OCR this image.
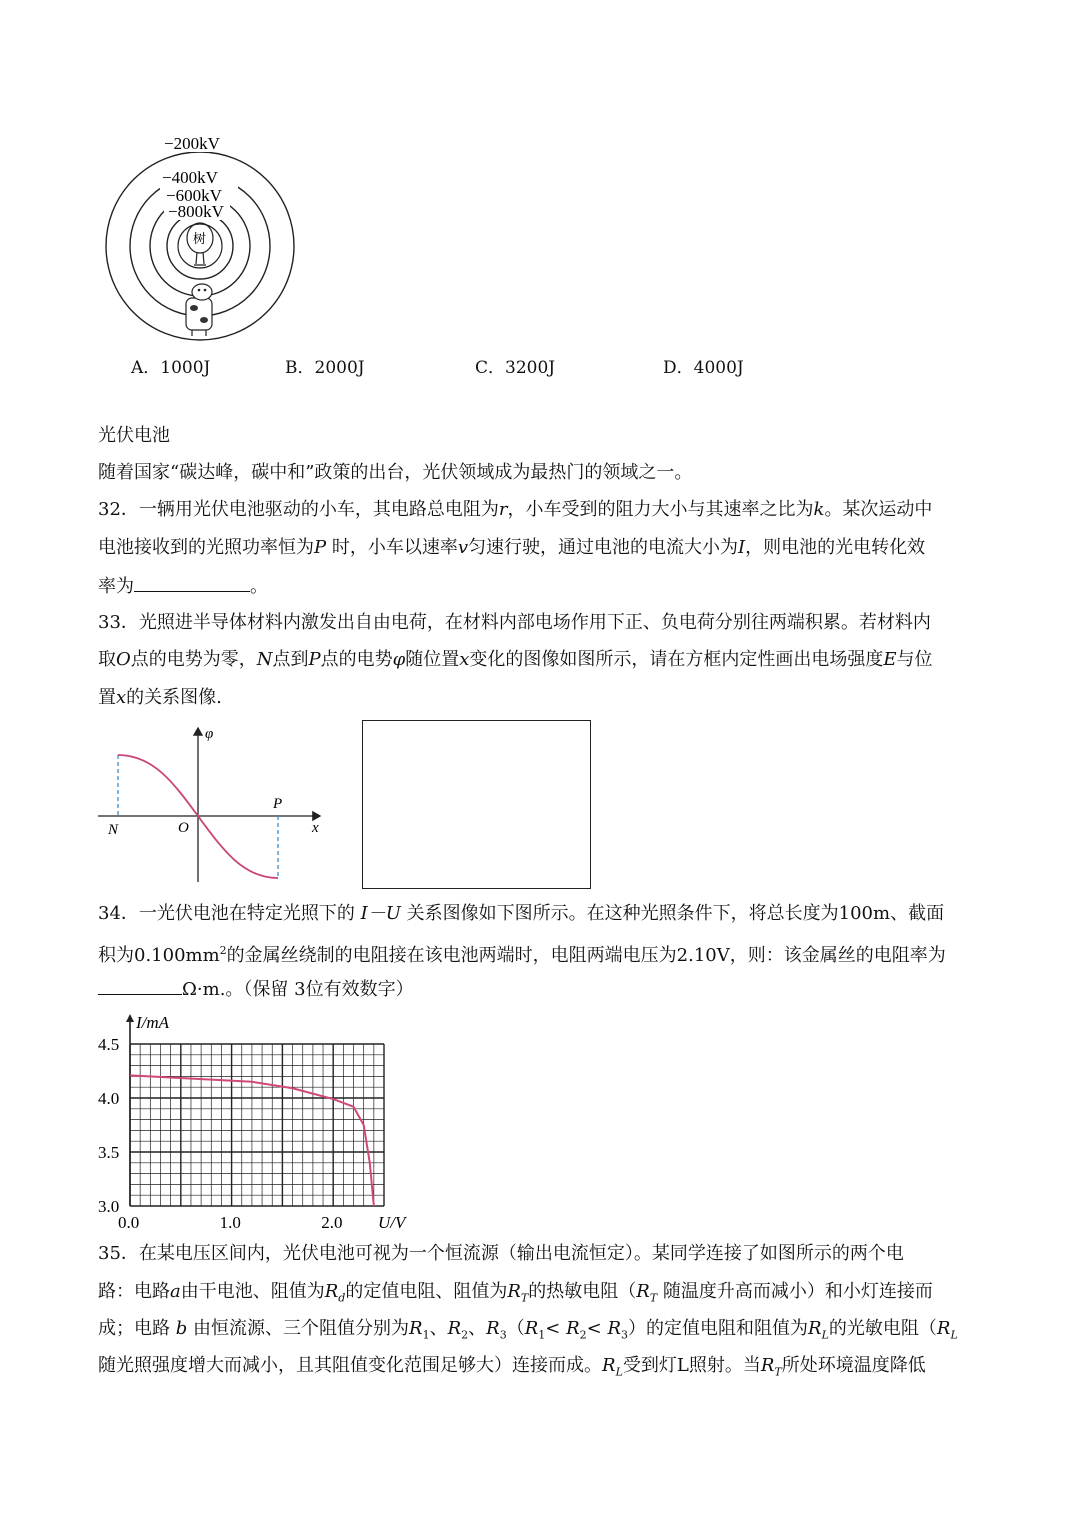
−200kV
−400kV
−600kV
−800kV
树
A．1000J	B．2000J	C．3200J	D．4000J
光伏电池
随着国家“碳达峰，碳中和”政策的出台，光伏领域成为最热门的领域之一。
32．一辆用光伏电池驱动的小车，其电路总电阻为r，小车受到的阻力大小与其速率之比为k。某次运动中
电池接收到的光照功率恒为P 时，小车以速率v匀速行驶，通过电池的电流大小为I，则电池的光电转化效
率为	。
33．光照进半导体材料内激发出自由电荷，在材料内部电场作用下正、负电荷分别往两端积累。若材料内
取O点的电势为零，N点到P点的电势φ随位置x变化的图像如图所示，请在方框内定性画出电场强度E与位
置x的关系图像.
φ
x
N	O
P
34．一光伏电池在特定光照下的 I－U 关系图像如下图所示。在这种光照条件下，将总长度为100m、截面
积为$0.100mm^2$的金属丝绕制的电阻接在该电池两端时，电阻两端电压为2.10V，则：该金属丝的电阻率为
Ω·m.。（保留 3位有效数字）
4.5
4.0
3.5
3.0
0.0	1.0	2.0
I/mA
U/V
35．在某电压区间内，光伏电池可视为一个恒流源（输出电流恒定）。某同学连接了如图所示的两个电
路：电路a由干电池、阻值为$R_d$的定值电阻、阻值为$R_T$的热敏电阻（$R_T$ 随温度升高而减小）和小灯连接而
成；电路 b 由恒流源、三个阻值分别为$R_1$、$R_2$、$R_3(R_1< R_2< R_3)$的定值电阻和阻值为$R_L$的光敏电阻（$R_L$
随光照强度增大而减小，且其阻值变化范围足够大）连接而成。$R_L$受到灯L照射。当$R_T$所处环境温度降低
